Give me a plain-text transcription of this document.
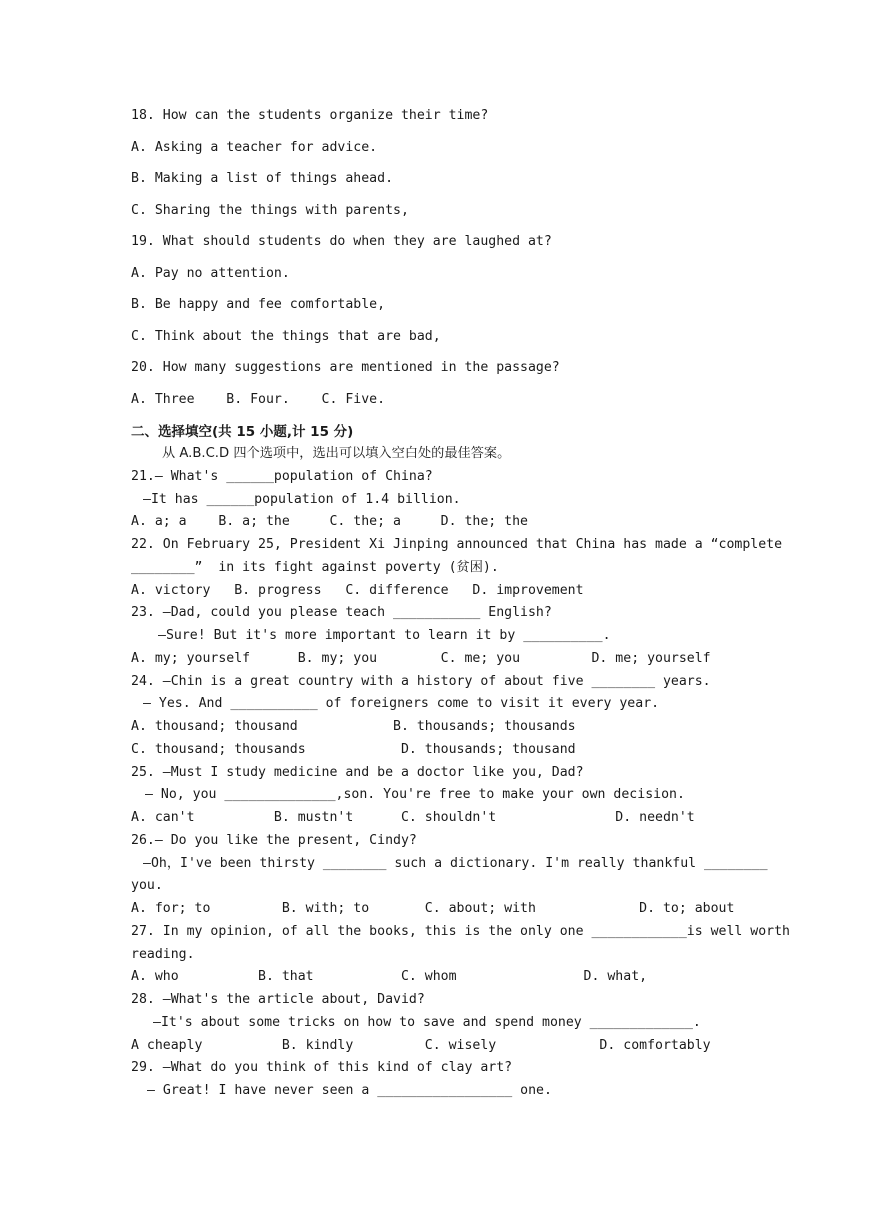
18. How can the students organize their time?
A. Asking a teacher for advice.
B. Making a list of things ahead.
C. Sharing the things with parents,
19. What should students do when they are laughed at?
A. Pay no attention.
B. Be happy and fee comfortable,
C. Think about the things that are bad,
20. How many suggestions are mentioned in the passage?
A. Three    B. Four.    C. Five.
二、选择填空(共 15 小题,计 15 分)
从 A.B.C.D 四个选项中，选出可以填入空白处的最佳答案。
21.— What's ______population of China?
—It has ______population of 1.4 billion.
A. a; a    B. a; the     C. the; a     D. the; the
22. On February 25, President Xi Jinping announced that China has made a “complete
________”  in its fight against poverty (贫困).
A. victory   B. progress   C. difference   D. improvement
23. —Dad, could you please teach ___________ English?
—Sure! But it's more important to learn it by __________.
A. my; yourself      B. my; you        C. me; you         D. me; yourself
24. —Chin is a great country with a history of about five ________ years.
— Yes. And ___________ of foreigners come to visit it every year.
A. thousand; thousand            B. thousands; thousands
C. thousand; thousands            D. thousands; thousand
25. –Must I study medicine and be a doctor like you, Dad?
— No, you ______________,son. You're free to make your own decision.
A. can't          B. mustn't      C. shouldn't               D. needn't
26.— Do you like the present, Cindy?
—Oh，I've been thirsty ________ such a dictionary. I'm really thankful ________
you.
A. for; to         B. with; to       C. about; with             D. to; about
27. In my opinion, of all the books, this is the only one ____________is well worth
reading.
A. who          B. that           C. whom                D. what,
28. —What's the article about, David?
—It's about some tricks on how to save and spend money _____________.
A cheaply          B. kindly         C. wisely             D. comfortably
29. —What do you think of this kind of clay art?
— Great! I have never seen a _________________ one.
